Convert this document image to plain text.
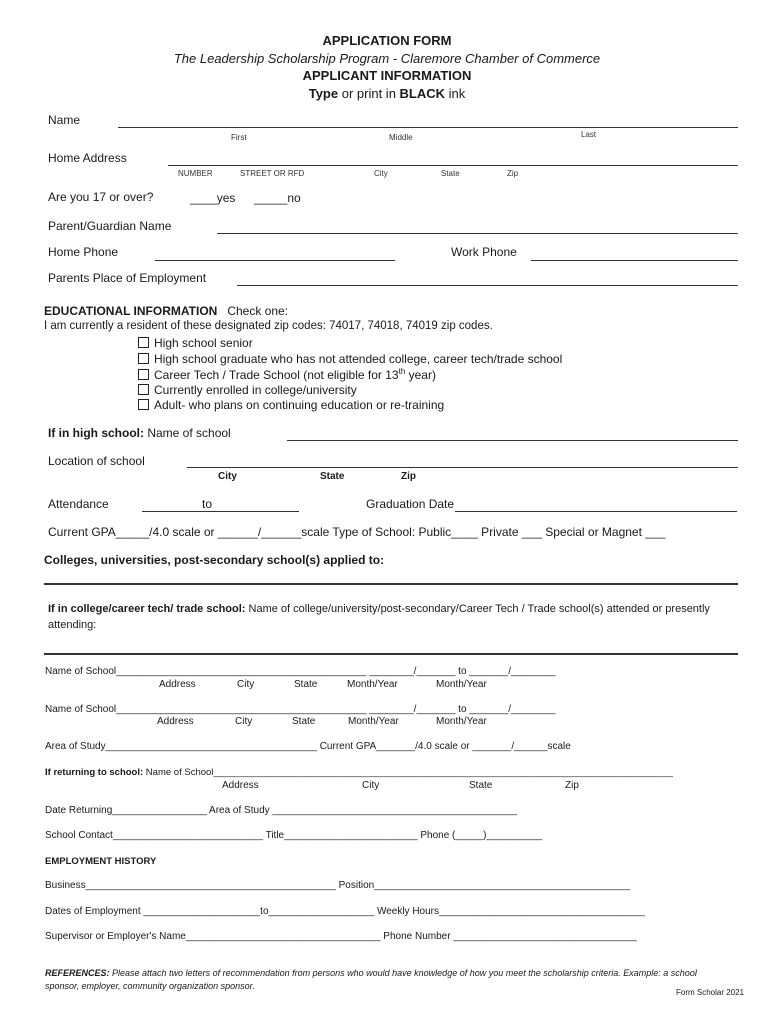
APPLICATION FORM
The Leadership Scholarship Program - Claremore Chamber of Commerce
APPLICANT INFORMATION
Type or print in BLACK ink
Name
First	Middle	Last
Home Address
NUMBER	STREET OR RFD	City	State	Zip
Are you 17 or over?	____yes _____no
Parent/Guardian Name
Home Phone	Work Phone
Parents Place of Employment
EDUCATIONAL INFORMATION Check one:
I am currently a resident of these designated zip codes: 74017, 74018, 74019 zip codes.
High school senior
High school graduate who has not attended college, career tech/trade school
Career Tech / Trade School (not eligible for 13th year)
Currently enrolled in college/university
Adult- who plans on continuing education or re-training
If in high school: Name of school
Location of school
City	State	Zip
Attendance	to	Graduation Date
Current GPA_____/4.0 scale or ______/______scale Type of School: Public____ Private ___ Special or Magnet ___
Colleges, universities, post-secondary school(s) applied to:
If in college/career tech/ trade school: Name of college/university/post-secondary/Career Tech / Trade school(s) attended or presently
attending:
Name of School_____________________________________________ ________/_______ to _______/________
Address	City	State	Month/Year	Month/Year
Name of School_____________________________________________ ________/_______ to _______/________
Address	City	State	Month/Year	Month/Year
Area of Study______________________________________ Current GPA_______/4.0 scale or _______/______scale
If returning to school: Name of School_______________________________________________________________________________________
Address	City	State	Zip
Date Returning_________________ Area of Study ____________________________________________
School Contact___________________________ Title________________________ Phone (_____)__________
EMPLOYMENT HISTORY
Business_____________________________________________ Position______________________________________________
Dates of Employment _____________________to___________________ Weekly Hours_____________________________________
Supervisor or Employer's Name___________________________________ Phone Number _________________________________
REFERENCES: Please attach two letters of recommendation from persons who would have knowledge of how you meet the scholarship criteria. Example: a school
sponsor, employer, community organization sponsor.
Form Scholar 2021
